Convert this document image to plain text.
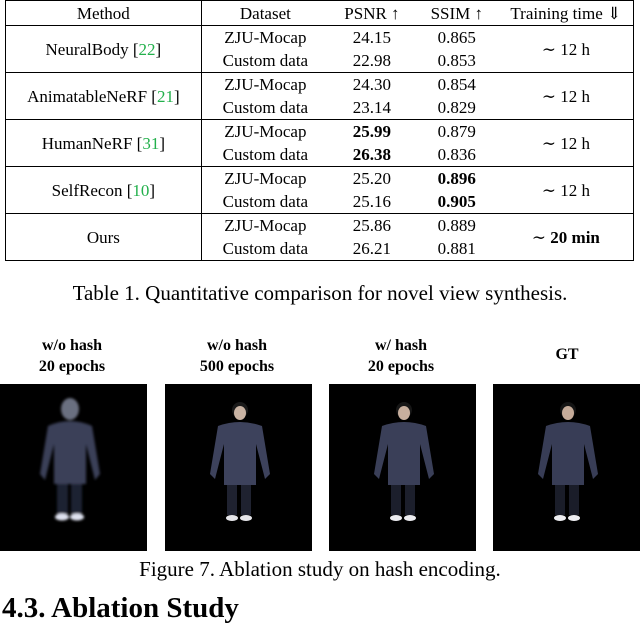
Method	Dataset	PSNR ↑	SSIM ↑	Training time ⇓
NeuralBody [22]	ZJU-Mocap	24.15	0.865	∼ 12 h
	Custom data	22.98	0.853	
AnimatableNeRF [21]	ZJU-Mocap	24.30	0.854	∼ 12 h
	Custom data	23.14	0.829	
HumanNeRF [31]	ZJU-Mocap	25.99	0.879	∼ 12 h
	Custom data	26.38	0.836	
SelfRecon [10]	ZJU-Mocap	25.20	0.896	∼ 12 h
	Custom data	25.16	0.905	
Ours	ZJU-Mocap	25.86	0.889	∼ 20 min
	Custom data	26.21	0.881	
Table 1. Quantitative comparison for novel view synthesis.
w/o hash
20 epochs
w/o hash
500 epochs
w/ hash
20 epochs
GT
Figure 7. Ablation study on hash encoding.
4.3. Ablation Study
